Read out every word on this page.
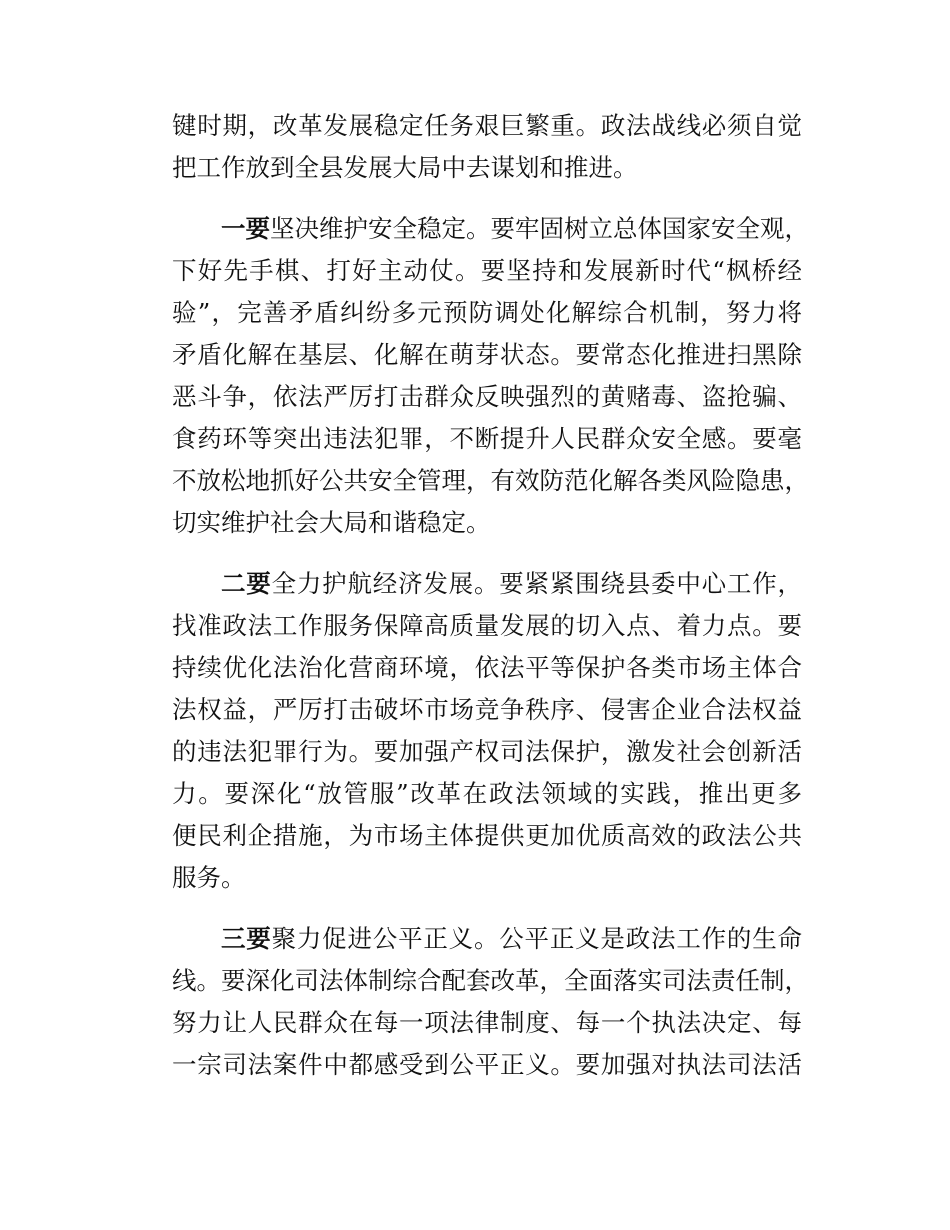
键时期，改革发展稳定任务艰巨繁重。政法战线必须自觉
把工作放到全县发展大局中去谋划和推进。
一要坚决维护安全稳定。要牢固树立总体国家安全观，
下好先手棋、打好主动仗。要坚持和发展新时代“枫桥经
验”，完善矛盾纠纷多元预防调处化解综合机制，努力将
矛盾化解在基层、化解在萌芽状态。要常态化推进扫黑除
恶斗争，依法严厉打击群众反映强烈的黄赌毒、盗抢骗、
食药环等突出违法犯罪，不断提升人民群众安全感。要毫
不放松地抓好公共安全管理，有效防范化解各类风险隐患，
切实维护社会大局和谐稳定。
二要全力护航经济发展。要紧紧围绕县委中心工作，
找准政法工作服务保障高质量发展的切入点、着力点。要
持续优化法治化营商环境，依法平等保护各类市场主体合
法权益，严厉打击破坏市场竞争秩序、侵害企业合法权益
的违法犯罪行为。要加强产权司法保护，激发社会创新活
力。要深化“放管服”改革在政法领域的实践，推出更多
便民利企措施，为市场主体提供更加优质高效的政法公共
服务。
三要聚力促进公平正义。公平正义是政法工作的生命
线。要深化司法体制综合配套改革，全面落实司法责任制，
努力让人民群众在每一项法律制度、每一个执法决定、每
一宗司法案件中都感受到公平正义。要加强对执法司法活
